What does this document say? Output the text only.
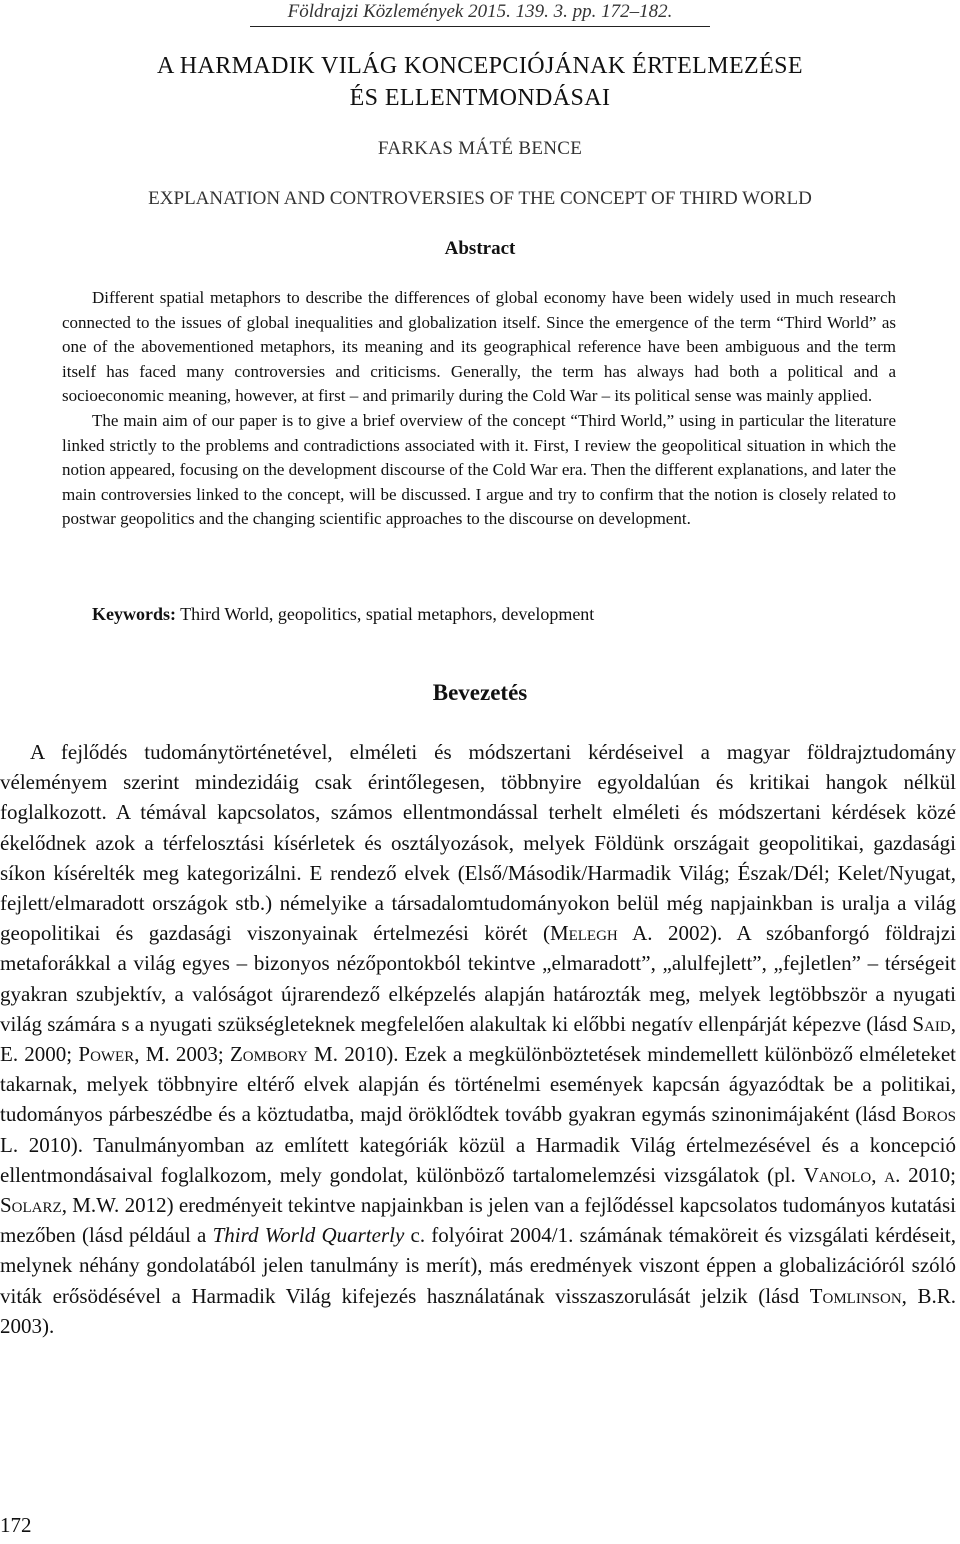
Földrajzi Közlemények 2015. 139. 3. pp. 172–182.
A HARMADIK VILÁG KONCEPCIÓJÁNAK ÉRTELMEZÉSE
ÉS ELLENTMONDÁSAI
FARKAS MÁTÉ BENCE
EXPLANATION AND CONTROVERSIES OF THE CONCEPT OF THIRD WORLD
Abstract

Different spatial metaphors to describe the differences of global economy have been widely used in much research connected to the issues of global inequalities and globalization itself. Since the emergence of the term “Third World” as one of the abovementioned metaphors, its meaning and its geographical reference have been ambiguous and the term itself has faced many controversies and criticisms. Generally, the term has always had both a political and a socioeconomic meaning, however, at first – and primarily during the Cold War – its political sense was mainly applied.

The main aim of our paper is to give a brief overview of the concept “Third World,” using in particular the literature linked strictly to the problems and contradictions associated with it. First, I review the geopolitical situation in which the notion appeared, focusing on the development discourse of the Cold War era. Then the different explanations, and later the main controversies linked to the concept, will be discussed. I argue and try to confirm that the notion is closely related to postwar geopolitics and the changing scientific approaches to the discourse on development.

Keywords: Third World, geopolitics, spatial metaphors, development
Bevezetés

A fejlődés tudománytörténetével, elméleti és módszertani kérdéseivel a magyar földrajztudomány véleményem szerint mindezidáig csak érintőlegesen, többnyire egyoldalúan és kritikai hangok nélkül foglalkozott. A témával kapcsolatos, számos ellentmondással terhelt elméleti és módszertani kérdések közé ékelődnek azok a térfelosztási kísérletek és osztályozások, melyek Földünk országait geopolitikai, gazdasági síkon kísérelték meg kategorizálni. E rendező elvek (Első/Második/Harmadik Világ; Észak/Dél; Kelet/Nyugat, fejlett/elmaradott országok stb.) némelyike a társadalomtudományokon belül még napjainkban is uralja a világ geopolitikai és gazdasági viszonyainak értelmezési körét (Melegh A. 2002). A szóbanforgó földrajzi metaforákkal a világ egyes – bizonyos nézőpontokból tekintve „elmaradott”, „alulfejlett”, „fejletlen” – térségeit gyakran szubjektív, a valóságot újrarendező elképzelés alapján határozták meg, melyek legtöbbször a nyugati világ számára s a nyugati szükségleteknek megfelelően alakultak ki előbbi negatív ellenpárját képezve (lásd Said, E. 2000; Power, M. 2003; Zombory M. 2010). Ezek a megkülönböztetések mindemellett különböző elméleteket takarnak, melyek többnyire eltérő elvek alapján és történelmi események kapcsán ágyazódtak be a politikai, tudományos párbeszédbe és a köztudatba, majd öröklődtek tovább gyakran egymás szinonimájaként (lásd Boros L. 2010). Tanulmányomban az említett kategóriák közül a Harmadik Világ értelmezésével és a koncepció ellentmondásaival foglalkozom, mely gondolat, különböző tartalomelemzési vizsgálatok (pl. Vanolo, a. 2010; Solarz, M.W. 2012) eredményeit tekintve napjainkban is jelen van a fejlődéssel kapcsolatos tudományos kutatási mezőben (lásd például a Third World Quarterly c. folyóirat 2004/1. számának témaköreit és vizsgálati kérdéseit, melynek néhány gondolatából jelen tanulmány is merít), más eredmények viszont éppen a globalizációról szóló viták erősödésével a Harmadik Világ kifejezés használatának visszaszorulását jelzik (lásd Tomlinson, B.R. 2003).

172
